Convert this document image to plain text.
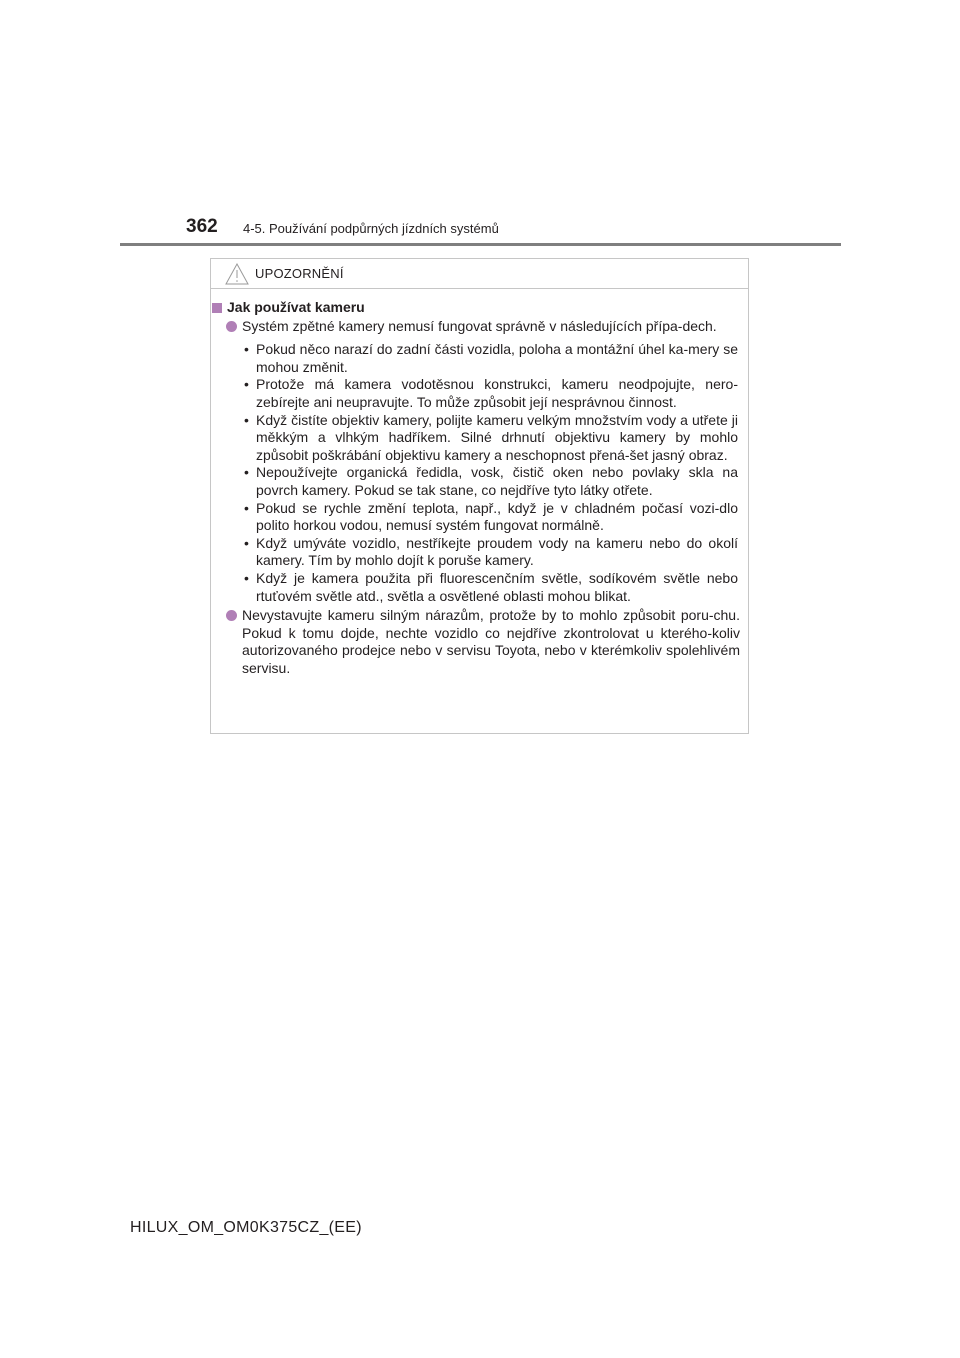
362 4-5. Používání podpůrných jízdních systémů
UPOZORNĚNÍ
Jak používat kameru
Systém zpětné kamery nemusí fungovat správně v následujících přípa-dech.
• Pokud něco narazí do zadní části vozidla, poloha a montážní úhel ka-mery se mohou změnit.
• Protože má kamera vodotěsnou konstrukci, kameru neodpojujte, nero-zebírejte ani neupravujte. To může způsobit její nesprávnou činnost.
• Když čistíte objektiv kamery, polijte kameru velkým množstvím vody a utřete ji měkkým a vlhkým hadříkem. Silné drhnutí objektivu kamery by mohlo způsobit poškrábání objektivu kamery a neschopnost přená-šet jasný obraz.
• Nepoužívejte organická ředidla, vosk, čistič oken nebo povlaky skla na povrch kamery. Pokud se tak stane, co nejdříve tyto látky otřete.
• Pokud se rychle změní teplota, např., když je v chladném počasí vozi-dlo polito horkou vodou, nemusí systém fungovat normálně.
• Když umýváte vozidlo, nestříkejte proudem vody na kameru nebo do okolí kamery. Tím by mohlo dojít k poruše kamery.
• Když je kamera použita při fluorescenčním světle, sodíkovém světle nebo rtuťovém světle atd., světla a osvětlené oblasti mohou blikat.
Nevystavujte kameru silným nárazům, protože by to mohlo způsobit poru-chu. Pokud k tomu dojde, nechte vozidlo co nejdříve zkontrolovat u kterého-koliv autorizovaného prodejce nebo v servisu Toyota, nebo v kterémkoliv spolehlivém servisu.
HILUX_OM_OM0K375CZ_(EE)
